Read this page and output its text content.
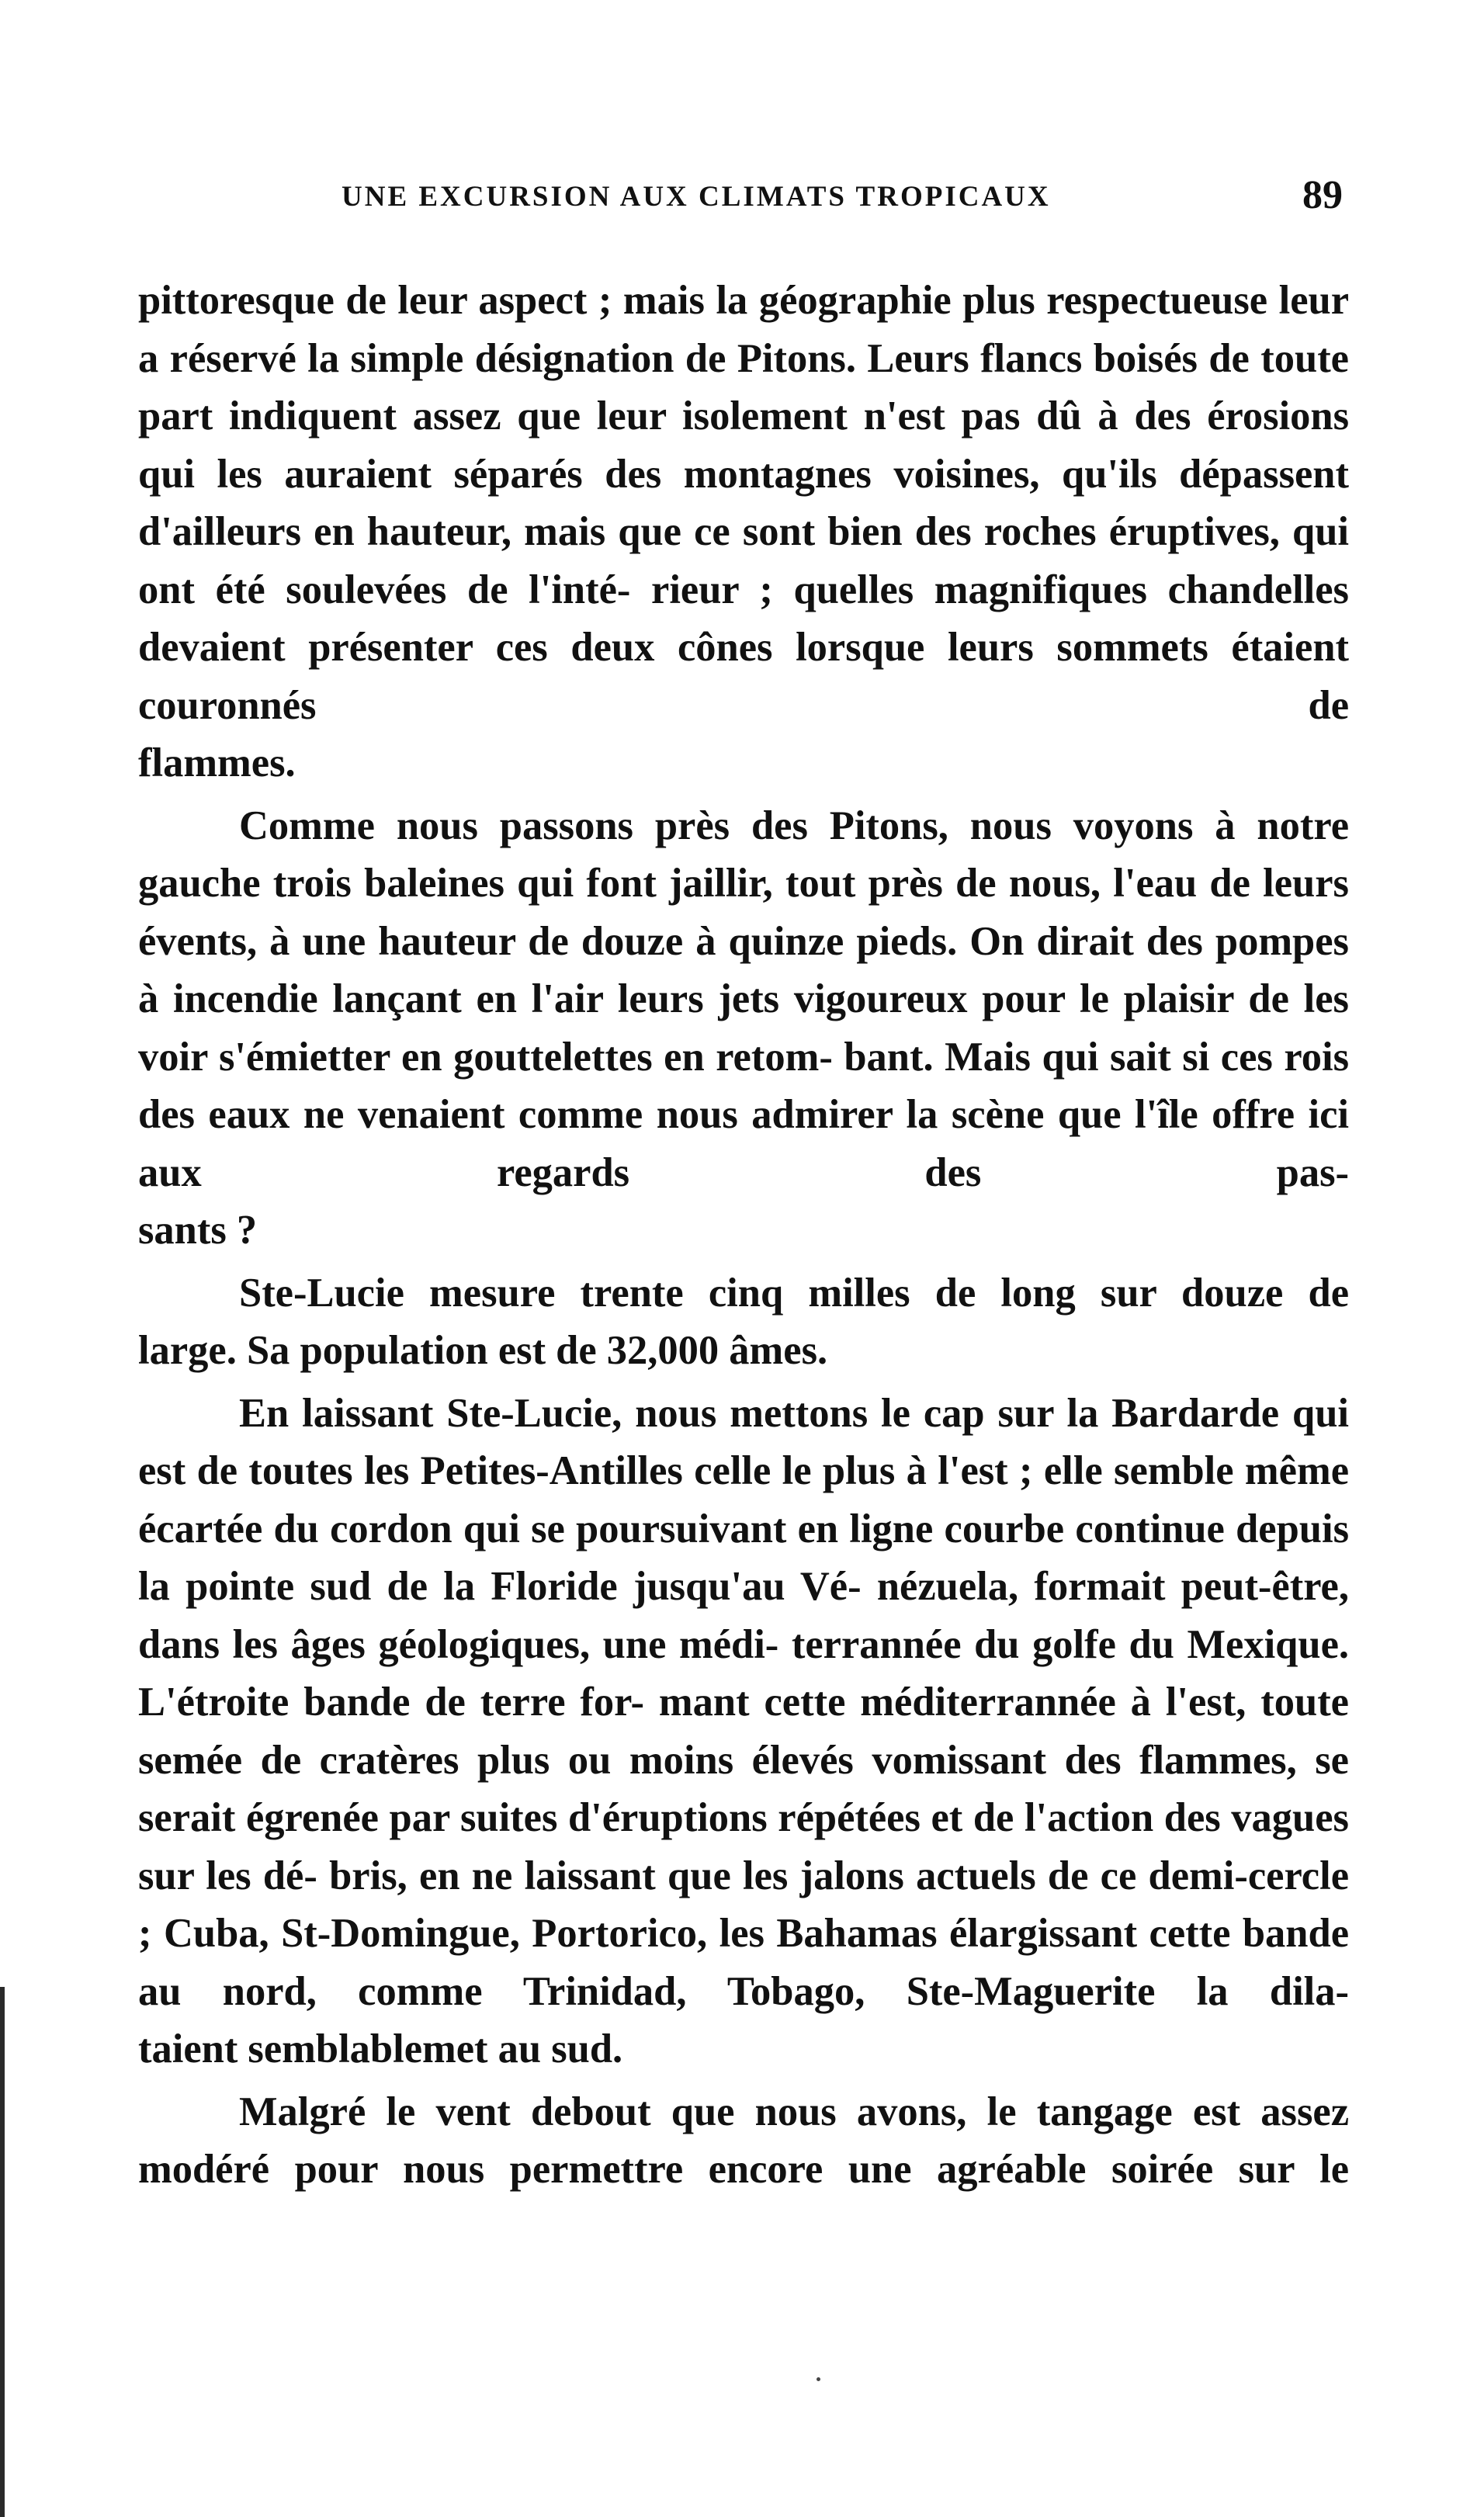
UNE EXCURSION AUX CLIMATS TROPICAUX	89

pittoresque de leur aspect ; mais la géographie plus respectueuse leur a réservé la simple désignation de Pitons. Leurs flancs boisés de toute part indiquent assez que leur isolement n'est pas dû à des érosions qui les auraient séparés des montagnes voisines, qu'ils dépassent d'ailleurs en hauteur, mais que ce sont bien des roches éruptives, qui ont été soulevées de l'inté- rieur ; quelles magnifiques chandelles devaient présenter ces deux cônes lorsque leurs sommets étaient couronnés de

flammes.

Comme nous passons près des Pitons, nous voyons à notre gauche trois baleines qui font jaillir, tout près de nous, l'eau de leurs évents, à une hauteur de douze à quinze pieds. On dirait des pompes à incendie lançant en l'air leurs jets vigoureux pour le plaisir de les voir s'émietter en gouttelettes en retom- bant. Mais qui sait si ces rois des eaux ne venaient comme nous admirer la scène que l'île offre ici aux regards des pas-

sants ?

Ste-Lucie mesure trente cinq milles de long sur douze de

large. Sa population est de 32,000 âmes.

En laissant Ste-Lucie, nous mettons le cap sur la Bardarde qui est de toutes les Petites-Antilles celle le plus à l'est ; elle semble même écartée du cordon qui se poursuivant en ligne courbe continue depuis la pointe sud de la Floride jusqu'au Vé- nézuela, formait peut-être, dans les âges géologiques, une médi- terrannée du golfe du Mexique. L'étroite bande de terre for- mant cette méditerrannée à l'est, toute semée de cratères plus ou moins élevés vomissant des flammes, se serait égrenée par suites d'éruptions répétées et de l'action des vagues sur les dé- bris, en ne laissant que les jalons actuels de ce demi-cercle ; Cuba, St-Domingue, Portorico, les Bahamas élargissant cette bande au nord, comme Trinidad, Tobago, Ste-Maguerite la dila-

taient semblablemet au sud.

Malgré le vent debout que nous avons, le tangage est assez modéré pour nous permettre encore une agréable soirée sur le
